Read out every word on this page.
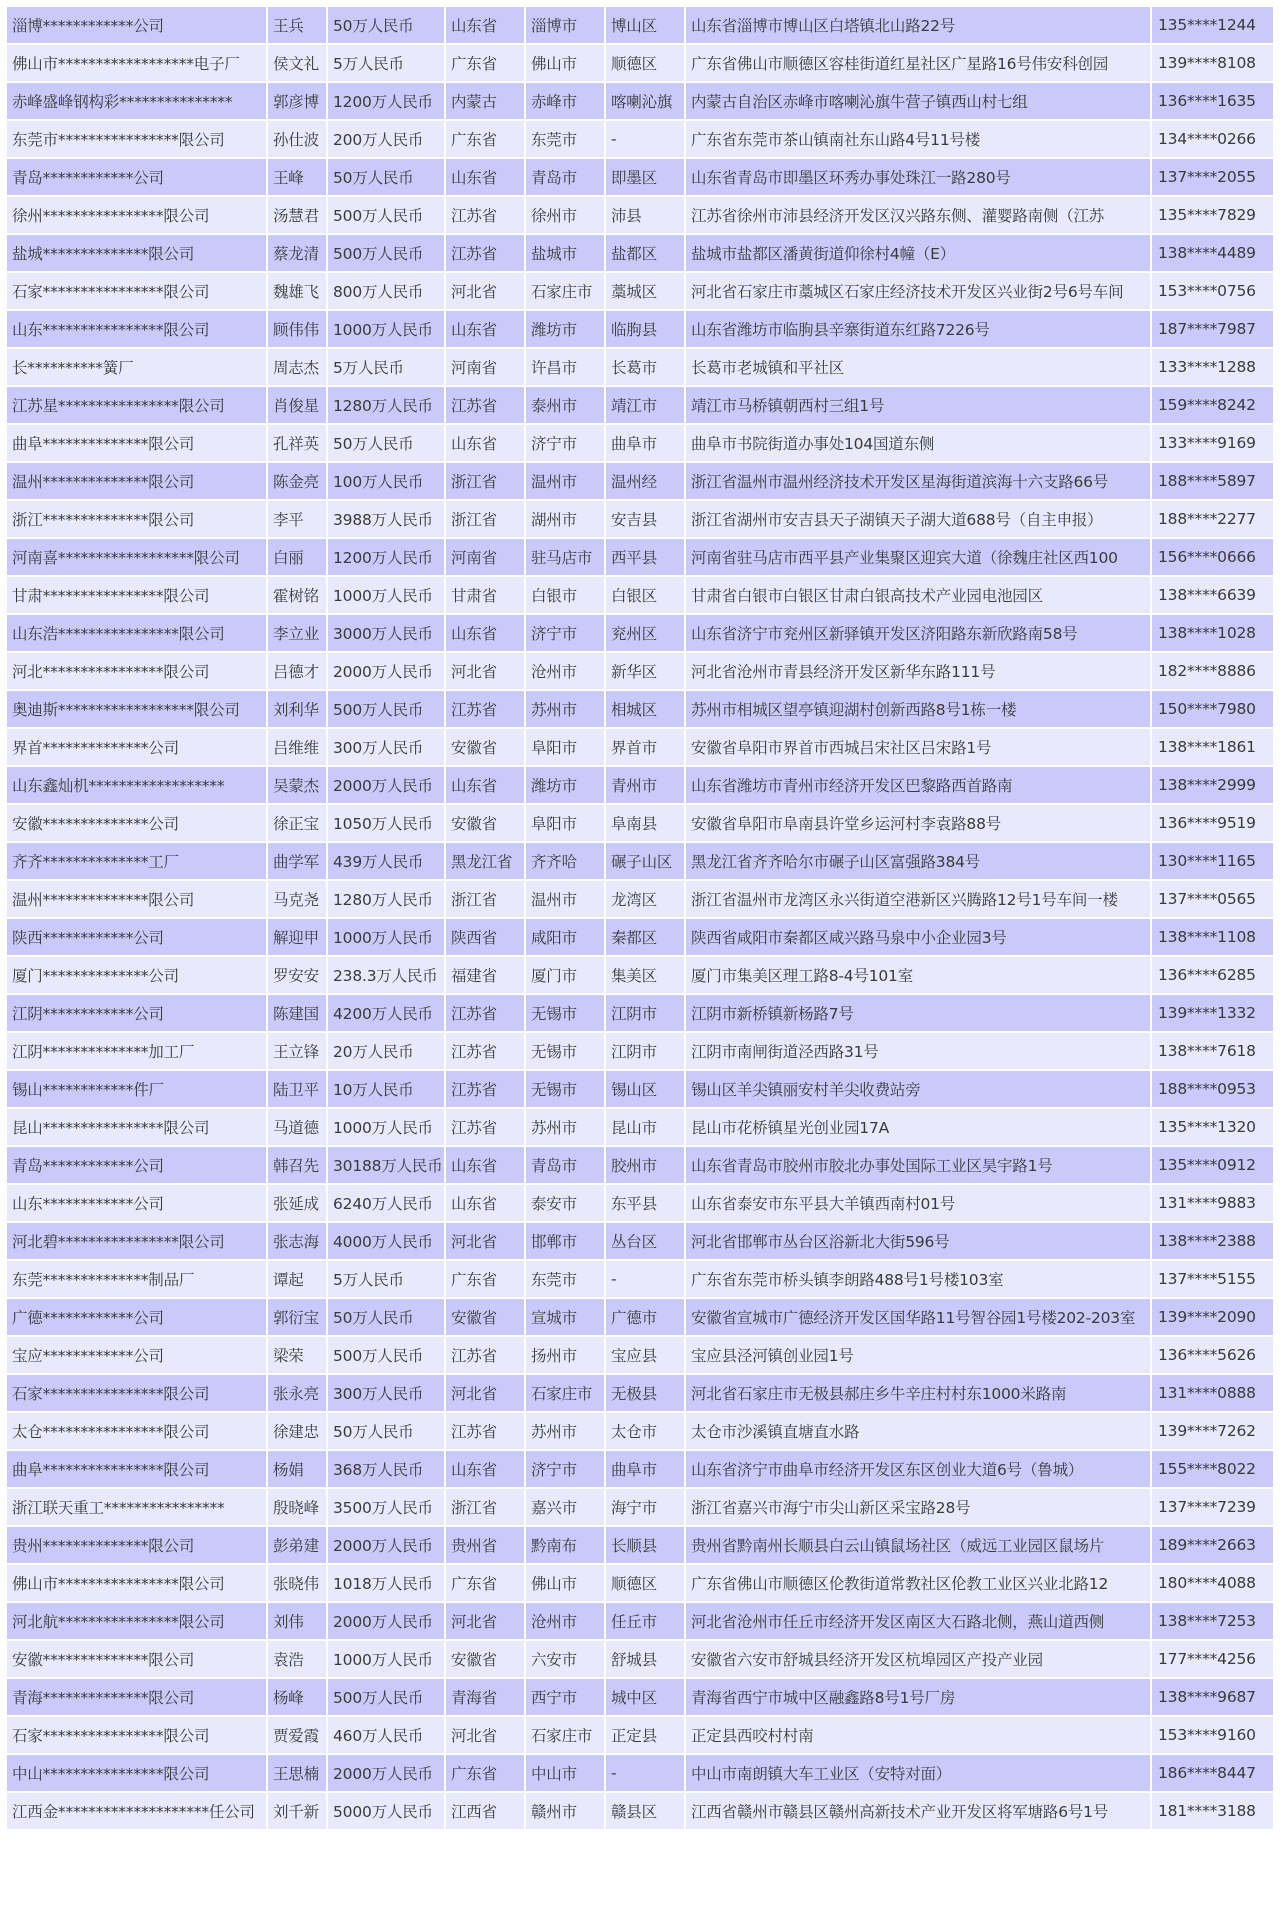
淄博************公司	王兵	50万人民币	山东省	淄博市	博山区	山东省淄博市博山区白塔镇北山路22号	135****1244
佛山市******************电子厂	侯文礼	5万人民币	广东省	佛山市	顺德区	广东省佛山市顺德区容桂街道红星社区广星路16号伟安科创园	139****8108
赤峰盛峰钢构彩***************	郭彦博	1200万人民币	内蒙古	赤峰市	喀喇沁旗	内蒙古自治区赤峰市喀喇沁旗牛营子镇西山村七组	136****1635
东莞市****************限公司	孙仕波	200万人民币	广东省	东莞市	-	广东省东莞市茶山镇南社东山路4号11号楼	134****0266
青岛************公司	王峰	50万人民币	山东省	青岛市	即墨区	山东省青岛市即墨区环秀办事处珠江一路280号	137****2055
徐州****************限公司	汤慧君	500万人民币	江苏省	徐州市	沛县	江苏省徐州市沛县经济开发区汉兴路东侧、灌婴路南侧（江苏	135****7829
盐城**************限公司	蔡龙清	500万人民币	江苏省	盐城市	盐都区	盐城市盐都区潘黄街道仰徐村4幢（E）	138****4489
石家****************限公司	魏雄飞	800万人民币	河北省	石家庄市	藁城区	河北省石家庄市藁城区石家庄经济技术开发区兴业街2号6号车间	153****0756
山东****************限公司	顾伟伟	1000万人民币	山东省	潍坊市	临朐县	山东省潍坊市临朐县辛寨街道东红路7226号	187****7987
长**********簧厂	周志杰	5万人民币	河南省	许昌市	长葛市	长葛市老城镇和平社区	133****1288
江苏星****************限公司	肖俊星	1280万人民币	江苏省	泰州市	靖江市	靖江市马桥镇朝西村三组1号	159****8242
曲阜**************限公司	孔祥英	50万人民币	山东省	济宁市	曲阜市	曲阜市书院街道办事处104国道东侧	133****9169
温州**************限公司	陈金亮	100万人民币	浙江省	温州市	温州经	浙江省温州市温州经济技术开发区星海街道滨海十六支路66号	188****5897
浙江**************限公司	李平	3988万人民币	浙江省	湖州市	安吉县	浙江省湖州市安吉县天子湖镇天子湖大道688号（自主申报）	188****2277
河南喜******************限公司	白丽	1200万人民币	河南省	驻马店市	西平县	河南省驻马店市西平县产业集聚区迎宾大道（徐魏庄社区西100	156****0666
甘肃****************限公司	霍树铭	1000万人民币	甘肃省	白银市	白银区	甘肃省白银市白银区甘肃白银高技术产业园电池园区	138****6639
山东浩****************限公司	李立业	3000万人民币	山东省	济宁市	兖州区	山东省济宁市兖州区新驿镇开发区济阳路东新欣路南58号	138****1028
河北****************限公司	吕德才	2000万人民币	河北省	沧州市	新华区	河北省沧州市青县经济开发区新华东路111号	182****8886
奥迪斯******************限公司	刘利华	500万人民币	江苏省	苏州市	相城区	苏州市相城区望亭镇迎湖村创新西路8号1栋一楼	150****7980
界首**************公司	吕维维	300万人民币	安徽省	阜阳市	界首市	安徽省阜阳市界首市西城吕宋社区吕宋路1号	138****1861
山东鑫灿机******************	吴蒙杰	2000万人民币	山东省	潍坊市	青州市	山东省潍坊市青州市经济开发区巴黎路西首路南	138****2999
安徽**************公司	徐正宝	1050万人民币	安徽省	阜阳市	阜南县	安徽省阜阳市阜南县许堂乡运河村李袁路88号	136****9519
齐齐**************工厂	曲学军	439万人民币	黑龙江省	齐齐哈	碾子山区	黑龙江省齐齐哈尔市碾子山区富强路384号	130****1165
温州**************限公司	马克尧	1280万人民币	浙江省	温州市	龙湾区	浙江省温州市龙湾区永兴街道空港新区兴腾路12号1号车间一楼	137****0565
陕西************公司	解迎甲	1000万人民币	陕西省	咸阳市	秦都区	陕西省咸阳市秦都区咸兴路马泉中小企业园3号	138****1108
厦门**************公司	罗安安	238.3万人民币	福建省	厦门市	集美区	厦门市集美区理工路8-4号101室	136****6285
江阴************公司	陈建国	4200万人民币	江苏省	无锡市	江阴市	江阴市新桥镇新杨路7号	139****1332
江阴**************加工厂	王立锋	20万人民币	江苏省	无锡市	江阴市	江阴市南闸街道泾西路31号	138****7618
锡山************件厂	陆卫平	10万人民币	江苏省	无锡市	锡山区	锡山区羊尖镇丽安村羊尖收费站旁	188****0953
昆山****************限公司	马道德	1000万人民币	江苏省	苏州市	昆山市	昆山市花桥镇星光创业园17A	135****1320
青岛************公司	韩召先	30188万人民币	山东省	青岛市	胶州市	山东省青岛市胶州市胶北办事处国际工业区昊宇路1号	135****0912
山东************公司	张延成	6240万人民币	山东省	泰安市	东平县	山东省泰安市东平县大羊镇西南村01号	131****9883
河北碧****************限公司	张志海	4000万人民币	河北省	邯郸市	丛台区	河北省邯郸市丛台区浴新北大街596号	138****2388
东莞**************制品厂	谭起	5万人民币	广东省	东莞市	-	广东省东莞市桥头镇李朗路488号1号楼103室	137****5155
广德************公司	郭衍宝	50万人民币	安徽省	宣城市	广德市	安徽省宣城市广德经济开发区国华路11号智谷园1号楼202-203室	139****2090
宝应************公司	梁荣	500万人民币	江苏省	扬州市	宝应县	宝应县泾河镇创业园1号	136****5626
石家****************限公司	张永亮	300万人民币	河北省	石家庄市	无极县	河北省石家庄市无极县郝庄乡牛辛庄村村东1000米路南	131****0888
太仓****************限公司	徐建忠	50万人民币	江苏省	苏州市	太仓市	太仓市沙溪镇直塘直水路	139****7262
曲阜****************限公司	杨娟	368万人民币	山东省	济宁市	曲阜市	山东省济宁市曲阜市经济开发区东区创业大道6号（鲁城）	155****8022
浙江联天重工****************	殷晓峰	3500万人民币	浙江省	嘉兴市	海宁市	浙江省嘉兴市海宁市尖山新区采宝路28号	137****7239
贵州**************限公司	彭弟建	2000万人民币	贵州省	黔南布	长顺县	贵州省黔南州长顺县白云山镇鼠场社区（威远工业园区鼠场片	189****2663
佛山市****************限公司	张晓伟	1018万人民币	广东省	佛山市	顺德区	广东省佛山市顺德区伦教街道常教社区伦教工业区兴业北路12	180****4088
河北航****************限公司	刘伟	2000万人民币	河北省	沧州市	任丘市	河北省沧州市任丘市经济开发区南区大石路北侧，燕山道西侧	138****7253
安徽**************限公司	袁浩	1000万人民币	安徽省	六安市	舒城县	安徽省六安市舒城县经济开发区杭埠园区产投产业园	177****4256
青海**************限公司	杨峰	500万人民币	青海省	西宁市	城中区	青海省西宁市城中区融鑫路8号1号厂房	138****9687
石家****************限公司	贾爱霞	460万人民币	河北省	石家庄市	正定县	正定县西咬村村南	153****9160
中山****************限公司	王思楠	2000万人民币	广东省	中山市	-	中山市南朗镇大车工业区（安特对面）	186****8447
江西金********************任公司	刘千新	5000万人民币	江西省	赣州市	赣县区	江西省赣州市赣县区赣州高新技术产业开发区将军塘路6号1号	181****3188
